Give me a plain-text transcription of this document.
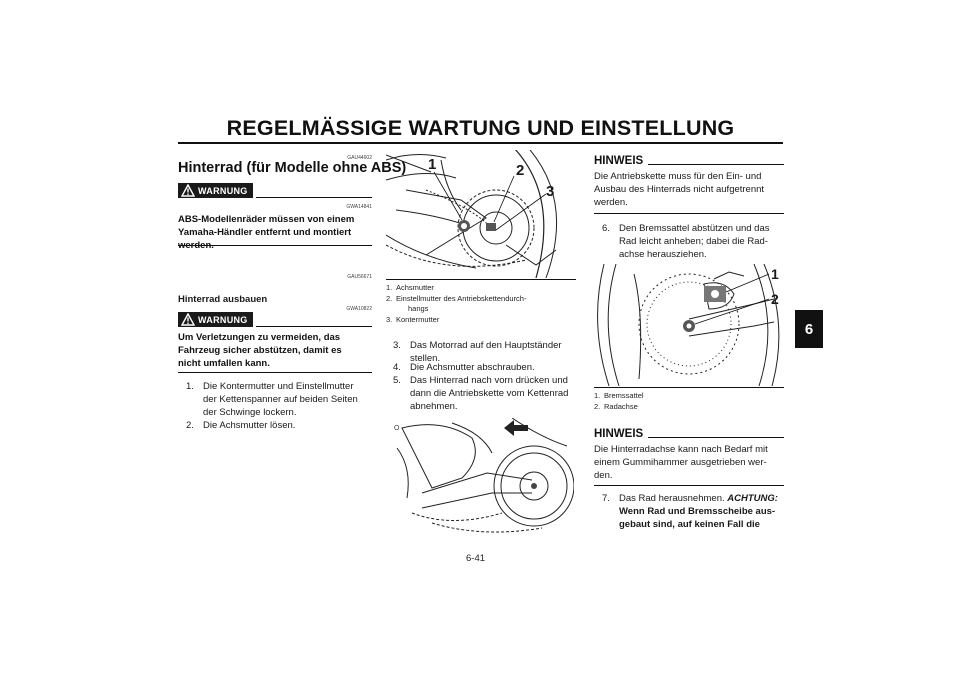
REGELMÄSSIGE WARTUNG UND EINSTELLUNG
6
GAU44602
Hinterrad (für Modelle ohne ABS)
WARNUNG
GWA14841
ABS-Modellenräder müssen von einem
Yamaha-Händler entfernt und montiert
werden.
GAU56671
Hinterrad ausbauen
WARNUNG
GWA10822
Um Verletzungen zu vermeiden, das
Fahrzeug sicher abstützen, damit es
nicht umfallen kann.
1. Die Kontermutter und Einstellmutter
der Kettenspanner auf beiden Seiten
der Schwinge lockern.
2. Die Achsmutter lösen.
1	2
3
1. Achsmutter
2. Einstellmutter des Antriebskettendurch-
hangs
3. Kontermutter
3. Das Motorrad auf den Hauptständer
stellen.
4. Die Achsmutter abschrauben.
5. Das Hinterrad nach vorn drücken und
dann die Antriebskette vom Kettenrad
abnehmen.
O
HINWEIS
Die Antriebskette muss für den Ein- und
Ausbau des Hinterrads nicht aufgetrennt
werden.
6. Den Bremssattel abstützen und das
Rad leicht anheben; dabei die Rad-
achse herausziehen.
1
2
1. Bremssattel
2. Radachse
HINWEIS
Die Hinterradachse kann nach Bedarf mit
einem Gummihammer ausgetrieben wer-
den.
7. Das Rad herausnehmen. ACHTUNG:
Wenn Rad und Bremsscheibe aus-
gebaut sind, auf keinen Fall die
6-41
